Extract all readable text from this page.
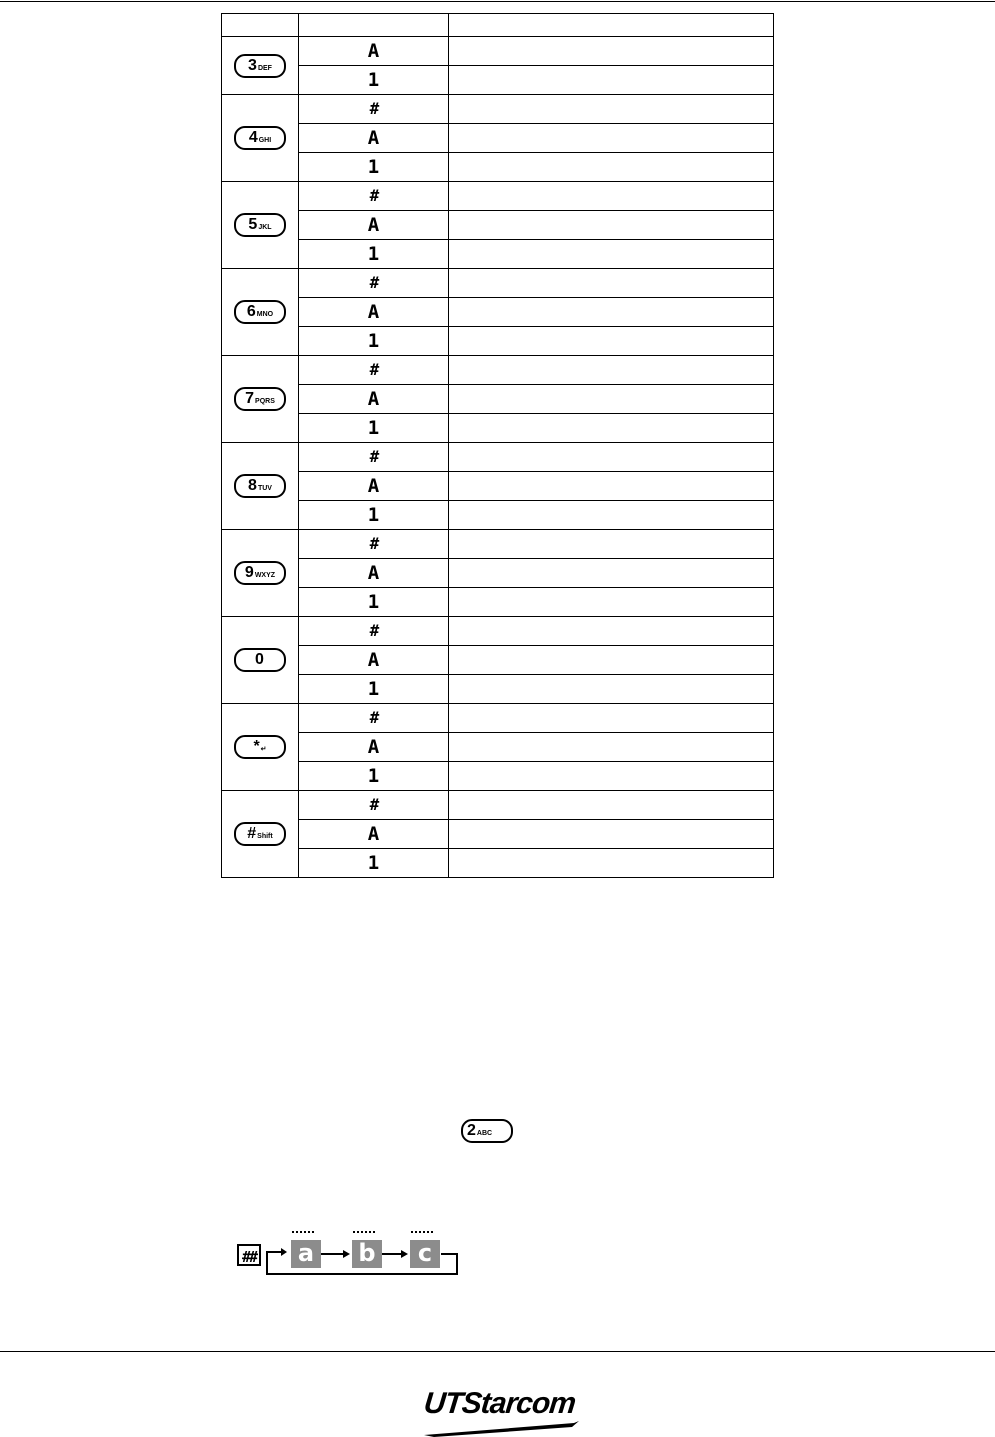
3DEF	A	
	1	
4GHI	#	
	A	
	1	
5JKL	#	
	A	
	1	
6MNO	#	
	A	
	1	
7PQRS	#	
	A	
	1	
8TUV	#	
	A	
	1	
9WXYZ	#	
	A	
	1	
0	#	
	A	
	1	
*↵	#	
	A	
	1	
#Shift	#	
	A	
	1	
2ABC
## a b	c
UTStarcom
